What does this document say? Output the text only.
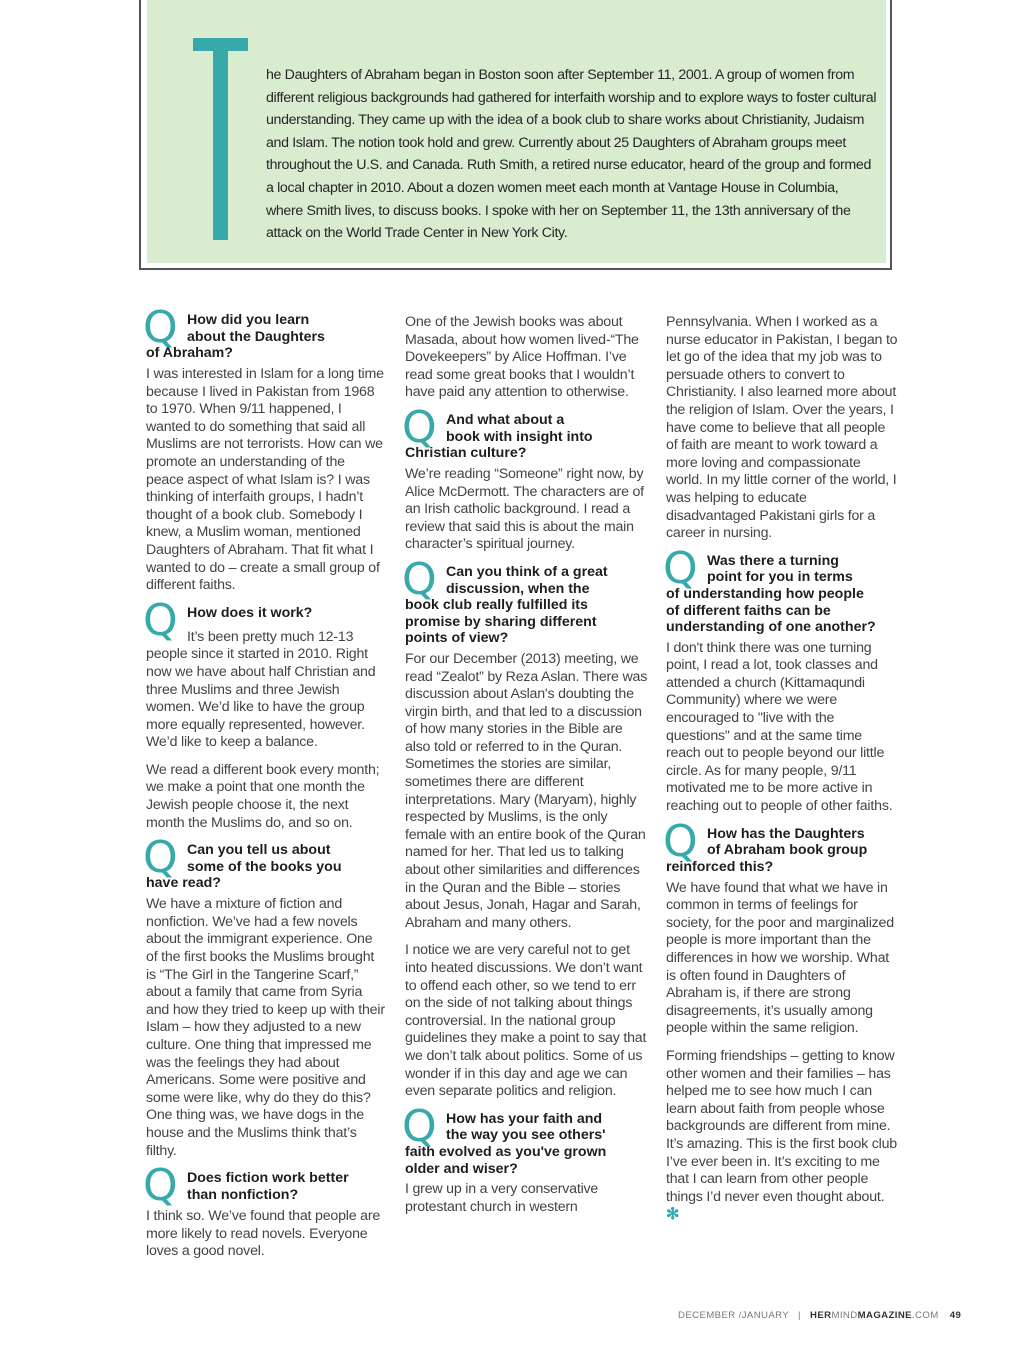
he Daughters of Abraham began in Boston soon after September 11, 2001. A group of women from different religious backgrounds had gathered for interfaith worship and to explore ways to foster cultural understanding. They came up with the idea of a book club to share works about Christianity, Judaism and Islam. The notion took hold and grew. Currently about 25 Daughters of Abraham groups meet throughout the U.S. and Canada. Ruth Smith, a retired nurse educator, heard of the group and formed a local chapter in 2010. About a dozen women meet each month at Vantage House in Columbia, where Smith lives, to discuss books. I spoke with her on September 11, the 13th anniversary of the attack on the World Trade Center in New York City.

Q How did you learn

about the Daughters

of Abraham?

I was interested in Islam for a long time because I lived in Pakistan from 1968 to 1970. When 9/11 happened, I wanted to do something that said all Muslims are not terrorists. How can we promote an understanding of the peace aspect of what Islam is? I was thinking of interfaith groups, I hadn’t thought of a book club. Somebody I knew, a Muslim woman, mentioned Daughters of Abraham. That fit what I wanted to do – create a small group of different faiths.

Q How does it work?

It’s been pretty much 12-13 people since it started in 2010. Right now we have about half Christian and three Muslims and three Jewish women. We’d like to have the group more equally represented, however. We’d like to keep a balance.

We read a different book every month; we make a point that one month the Jewish people choose it, the next month the Muslims do, and so on.

Q Can you tell us about

some of the books you

have read?

We have a mixture of fiction and nonfiction. We’ve had a few novels about the immigrant experience. One of the first books the Muslims brought is “The Girl in the Tangerine Scarf,” about a family that came from Syria and how they tried to keep up with their Islam – how they adjusted to a new culture. One thing that impressed me was the feelings they had about Americans. Some were positive and some were like, why do they do this? One thing was, we have dogs in the house and the Muslims think that’s filthy.

Q Does fiction work better

than nonfiction?

I think so. We’ve found that people are more likely to read novels. Everyone loves a good novel.

One of the Jewish books was about Masada, about how women lived-“The Dovekeepers” by Alice Hoffman. I’ve read some great books that I wouldn’t have paid any attention to otherwise.

Q And what about a

book with insight into

Christian culture?

We’re reading “Someone” right now, by Alice McDermott. The characters are of an Irish catholic background. I read a review that said this is about the main character’s spiritual journey.

Q Can you think of a great

discussion, when the

book club really fulfilled its

promise by sharing different

points of view?

For our December (2013) meeting, we read “Zealot” by Reza Aslan. There was discussion about Aslan's doubting the virgin birth, and that led to a discussion of how many stories in the Bible are also told or referred to in the Quran. Sometimes the stories are similar, sometimes there are different interpretations. Mary (Maryam), highly respected by Muslims, is the only female with an entire book of the Quran named for her. That led us to talking about other similarities and differences in the Quran and the Bible – stories about Jesus, Jonah, Hagar and Sarah, Abraham and many others.

I notice we are very careful not to get into heated discussions. We don’t want to offend each other, so we tend to err on the side of not talking about things controversial. In the national group guidelines they make a point to say that we don’t talk about politics. Some of us wonder if in this day and age we can even separate politics and religion.

Q How has your faith and

the way you see others'

faith evolved as you've grown

older and wiser?

I grew up in a very conservative protestant church in western

Pennsylvania. When I worked as a nurse educator in Pakistan, I began to let go of the idea that my job was to persuade others to convert to Christianity. I also learned more about the religion of Islam. Over the years, I have come to believe that all people of faith are meant to work toward a more loving and compassionate world. In my little corner of the world, I was helping to educate disadvantaged Pakistani girls for a career in nursing.

Q Was there a turning

point for you in terms

of understanding how people

of different faiths can be

understanding of one another?

I don't think there was one turning point, I read a lot, took classes and attended a church (Kittamaqundi Community) where we were encouraged to "live with the questions" and at the same time reach out to people beyond our little circle. As for many people, 9/11 motivated me to be more active in reaching out to people of other faiths.

Q How has the Daughters

of Abraham book group

reinforced this?

We have found that what we have in common in terms of feelings for society, for the poor and marginalized people is more important than the differences in how we worship. What is often found in Daughters of Abraham is, if there are strong disagreements, it’s usually among people within the same religion.

Forming friendships – getting to know other women and their families – has helped me to see how much I can learn about faith from people whose backgrounds are different from mine. It’s amazing. This is the first book club I’ve ever been in. It’s exciting to me that I can learn from other people things I’d never even thought about. ✻

DECEMBER /JANUARY | HERMINDMAGAZINE.COM 49
